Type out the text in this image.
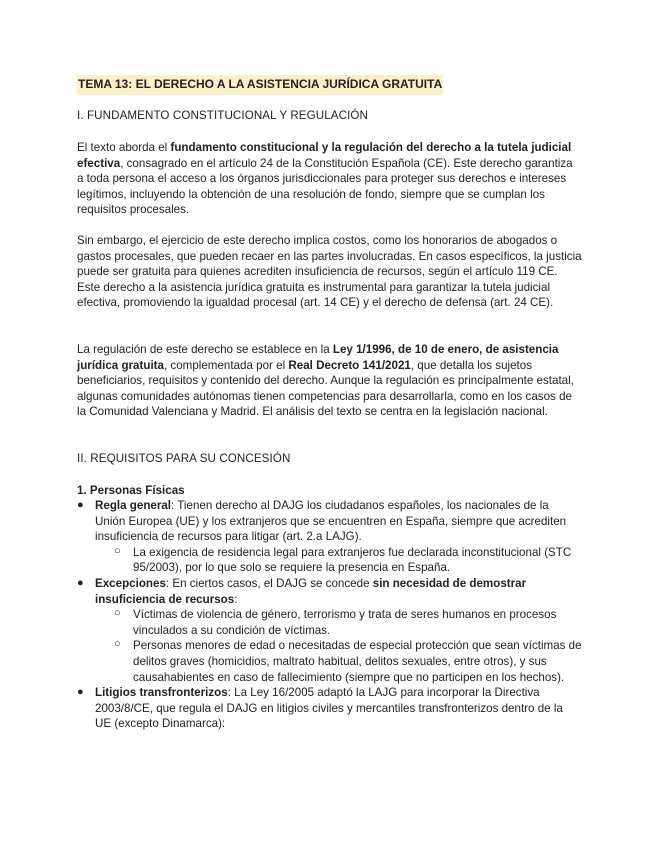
TEMA 13: EL DERECHO A LA ASISTENCIA JURÍDICA GRATUITA
I. FUNDAMENTO CONSTITUCIONAL Y REGULACIÓN

El texto aborda el fundamento constitucional y la regulación del derecho a la tutela judicial efectiva, consagrado en el artículo 24 de la Constitución Española (CE). Este derecho garantiza a toda persona el acceso a los órganos jurisdiccionales para proteger sus derechos e intereses legítimos, incluyendo la obtención de una resolución de fondo, siempre que se cumplan los requisitos procesales.

Sin embargo, el ejercicio de este derecho implica costos, como los honorarios de abogados o gastos procesales, que pueden recaer en las partes involucradas. En casos específicos, la justicia puede ser gratuita para quienes acrediten insuficiencia de recursos, según el artículo 119 CE. Este derecho a la asistencia jurídica gratuita es instrumental para garantizar la tutela judicial efectiva, promoviendo la igualdad procesal (art. 14 CE) y el derecho de defensa (art. 24 CE).

La regulación de este derecho se establece en la Ley 1/1996, de 10 de enero, de asistencia jurídica gratuita, complementada por el Real Decreto 141/2021, que detalla los sujetos beneficiarios, requisitos y contenido del derecho. Aunque la regulación es principalmente estatal, algunas comunidades autónomas tienen competencias para desarrollarla, como en los casos de la Comunidad Valenciana y Madrid. El análisis del texto se centra en la legislación nacional.

II. REQUISITOS PARA SU CONCESIÓN
1. Personas Físicas
● Regla general: Tienen derecho al DAJG los ciudadanos españoles, los nacionales de la Unión Europea (UE) y los extranjeros que se encuentren en España, siempre que acrediten insuficiencia de recursos para litigar (art. 2.a LAJG).
○ La exigencia de residencia legal para extranjeros fue declarada inconstitucional (STC 95/2003), por lo que solo se requiere la presencia en España.
● Excepciones: En ciertos casos, el DAJG se concede sin necesidad de demostrar insuficiencia de recursos:
○ Víctimas de violencia de género, terrorismo y trata de seres humanos en procesos vinculados a su condición de víctimas.
○ Personas menores de edad o necesitadas de especial protección que sean víctimas de delitos graves (homicidios, maltrato habitual, delitos sexuales, entre otros), y sus causahabientes en caso de fallecimiento (siempre que no participen en los hechos).
● Litigios transfronterizos: La Ley 16/2005 adaptó la LAJG para incorporar la Directiva 2003/8/CE, que regula el DAJG en litigios civiles y mercantiles transfronterizos dentro de la UE (excepto Dinamarca):
